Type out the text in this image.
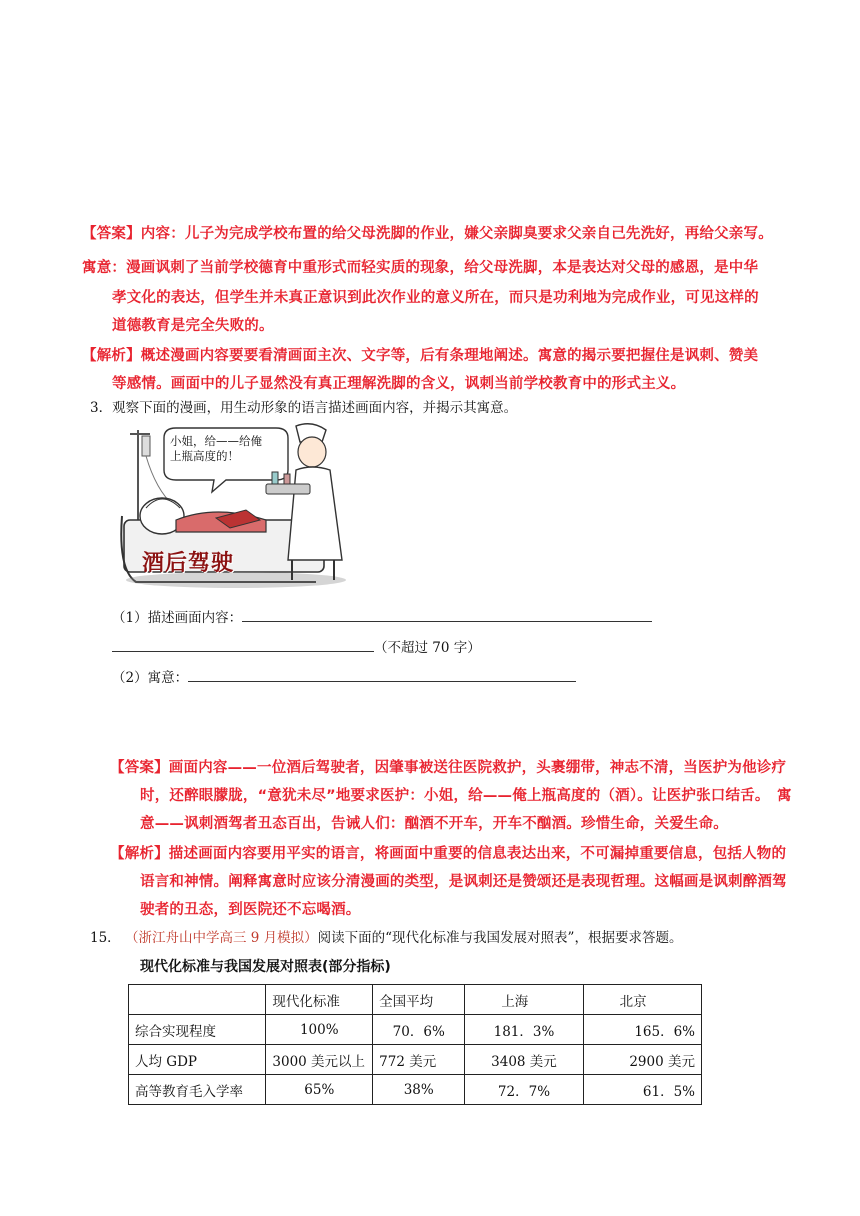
【答案】内容：儿子为完成学校布置的给父母洗脚的作业，嫌父亲脚臭要求父亲自己先洗好，再给父亲写。
寓意：漫画讽刺了当前学校德育中重形式而轻实质的现象，给父母洗脚，本是表达对父母的感恩，是中华
孝文化的表达，但学生并未真正意识到此次作业的意义所在，而只是功利地为完成作业，可见这样的
道德教育是完全失败的。
【解析】概述漫画内容要要看清画面主次、文字等，后有条理地阐述。寓意的揭示要把握住是讽刺、赞美
等感情。画面中的儿子显然没有真正理解洗脚的含义，讽刺当前学校教育中的形式主义。
3．观察下面的漫画，用生动形象的语言描述画面内容，并揭示其寓意。
小姐，给——给俺
上瓶高度的！
酒后驾驶
（1）描述画面内容：
（不超过 70 字）
（2）寓意：
【答案】画面内容——一位酒后驾驶者，因肇事被送往医院救护，头裹绷带，神志不清，当医护为他诊疗
时，还醉眼朦胧，“意犹未尽”地要求医护：小姐，给——俺上瓶高度的（酒）。让医护张口结舌。　寓
意——讽刺酒驾者丑态百出，告诫人们：酗酒不开车，开车不酗酒。珍惜生命，关爱生命。
【解析】描述画面内容要用平实的语言，将画面中重要的信息表达出来，不可漏掉重要信息，包括人物的
语言和神情。阐释寓意时应该分清漫画的类型，是讽刺还是赞颂还是表现哲理。这幅画是讽刺醉酒驾
驶者的丑态，到医院还不忘喝酒。
15． （浙江舟山中学高三 9 月模拟）阅读下面的“现代化标准与我国发展对照表”，根据要求答题。
现代化标准与我国发展对照表(部分指标)
	现代化标准	全国平均	上海	北京
综合实现程度	100%	70．6%	181．3%	165．6%
人均 GDP	3000 美元以上	772 美元	3408 美元	2900 美元
高等教育毛入学率	65%	38%	72．7%	61．5%
